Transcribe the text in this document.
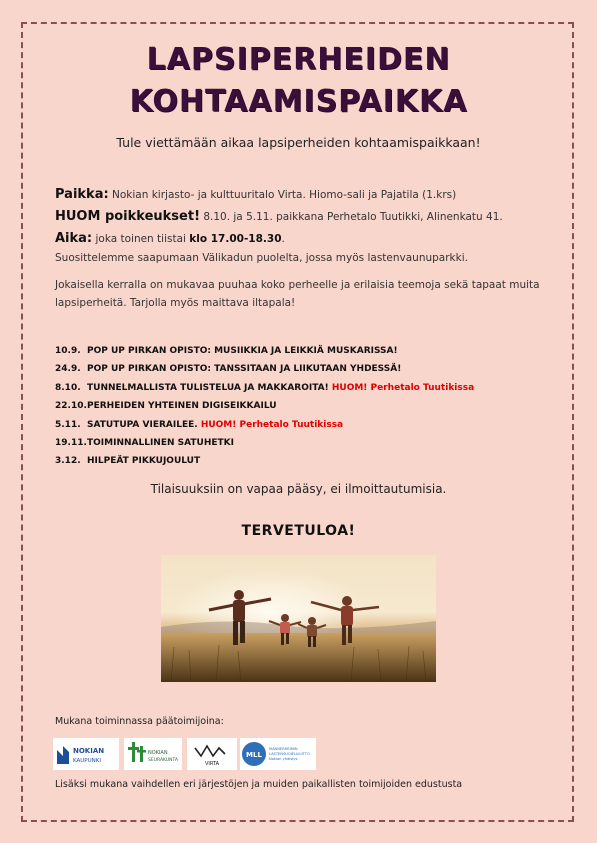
LAPSIPERHEIDEN
KOHTAAMISPAIKKA
Tule viettämään aikaa lapsiperheiden kohtaamispaikkaan!
Paikka: Nokian kirjasto- ja kulttuuritalo Virta. Hiomo-sali ja Pajatila (1.krs)
HUOM poikkeukset! 8.10. ja 5.11. paikkana Perhetalo Tuutikki, Alinenkatu 41.
Aika: joka toinen tiistai klo 17.00-18.30.
Suosittelemme saapumaan Välikadun puolelta, jossa myös lastenvaunuparkki.
Jokaisella kerralla on mukavaa puuhaa koko perheelle ja erilaisia teemoja sekä tapaat muita lapsiperheitä. Tarjolla myös maittava iltapala!
10.9. POP UP PIRKAN OPISTO: MUSIIKKIA JA LEIKKIÄ MUSKARISSA!
24.9. POP UP PIRKAN OPISTO: TANSSITAAN JA LIIKUTAAN YHDESSÄ!
8.10. TUNNELMALLISTA TULISTELUA JA MAKKAROITA! HUOM! Perhetalo Tuutikissa
22.10.PERHEIDEN YHTEINEN DIGISEIKKAILU
5.11. SATUTUPA VIERAILEE. HUOM! Perhetalo Tuutikissa
19.11.TOIMINNALLINEN SATUHETKI
3.12. HILPEÄT PIKKUJOULUT
Tilaisuuksiin on vapaa pääsy, ei ilmoittautumisia.
TERVETULOA!
Mukana toiminnassa päätoimijoina:
NOKIAN
KAUPUNKI
NOKIAN
SEURAKUNTA
VIRTA
MLL
MANNERHEIMIN
LASTENSUOJELULIITTO
Nokian yhdistys
Lisäksi mukana vaihdellen eri järjestöjen ja muiden paikallisten toimijoiden edustusta
